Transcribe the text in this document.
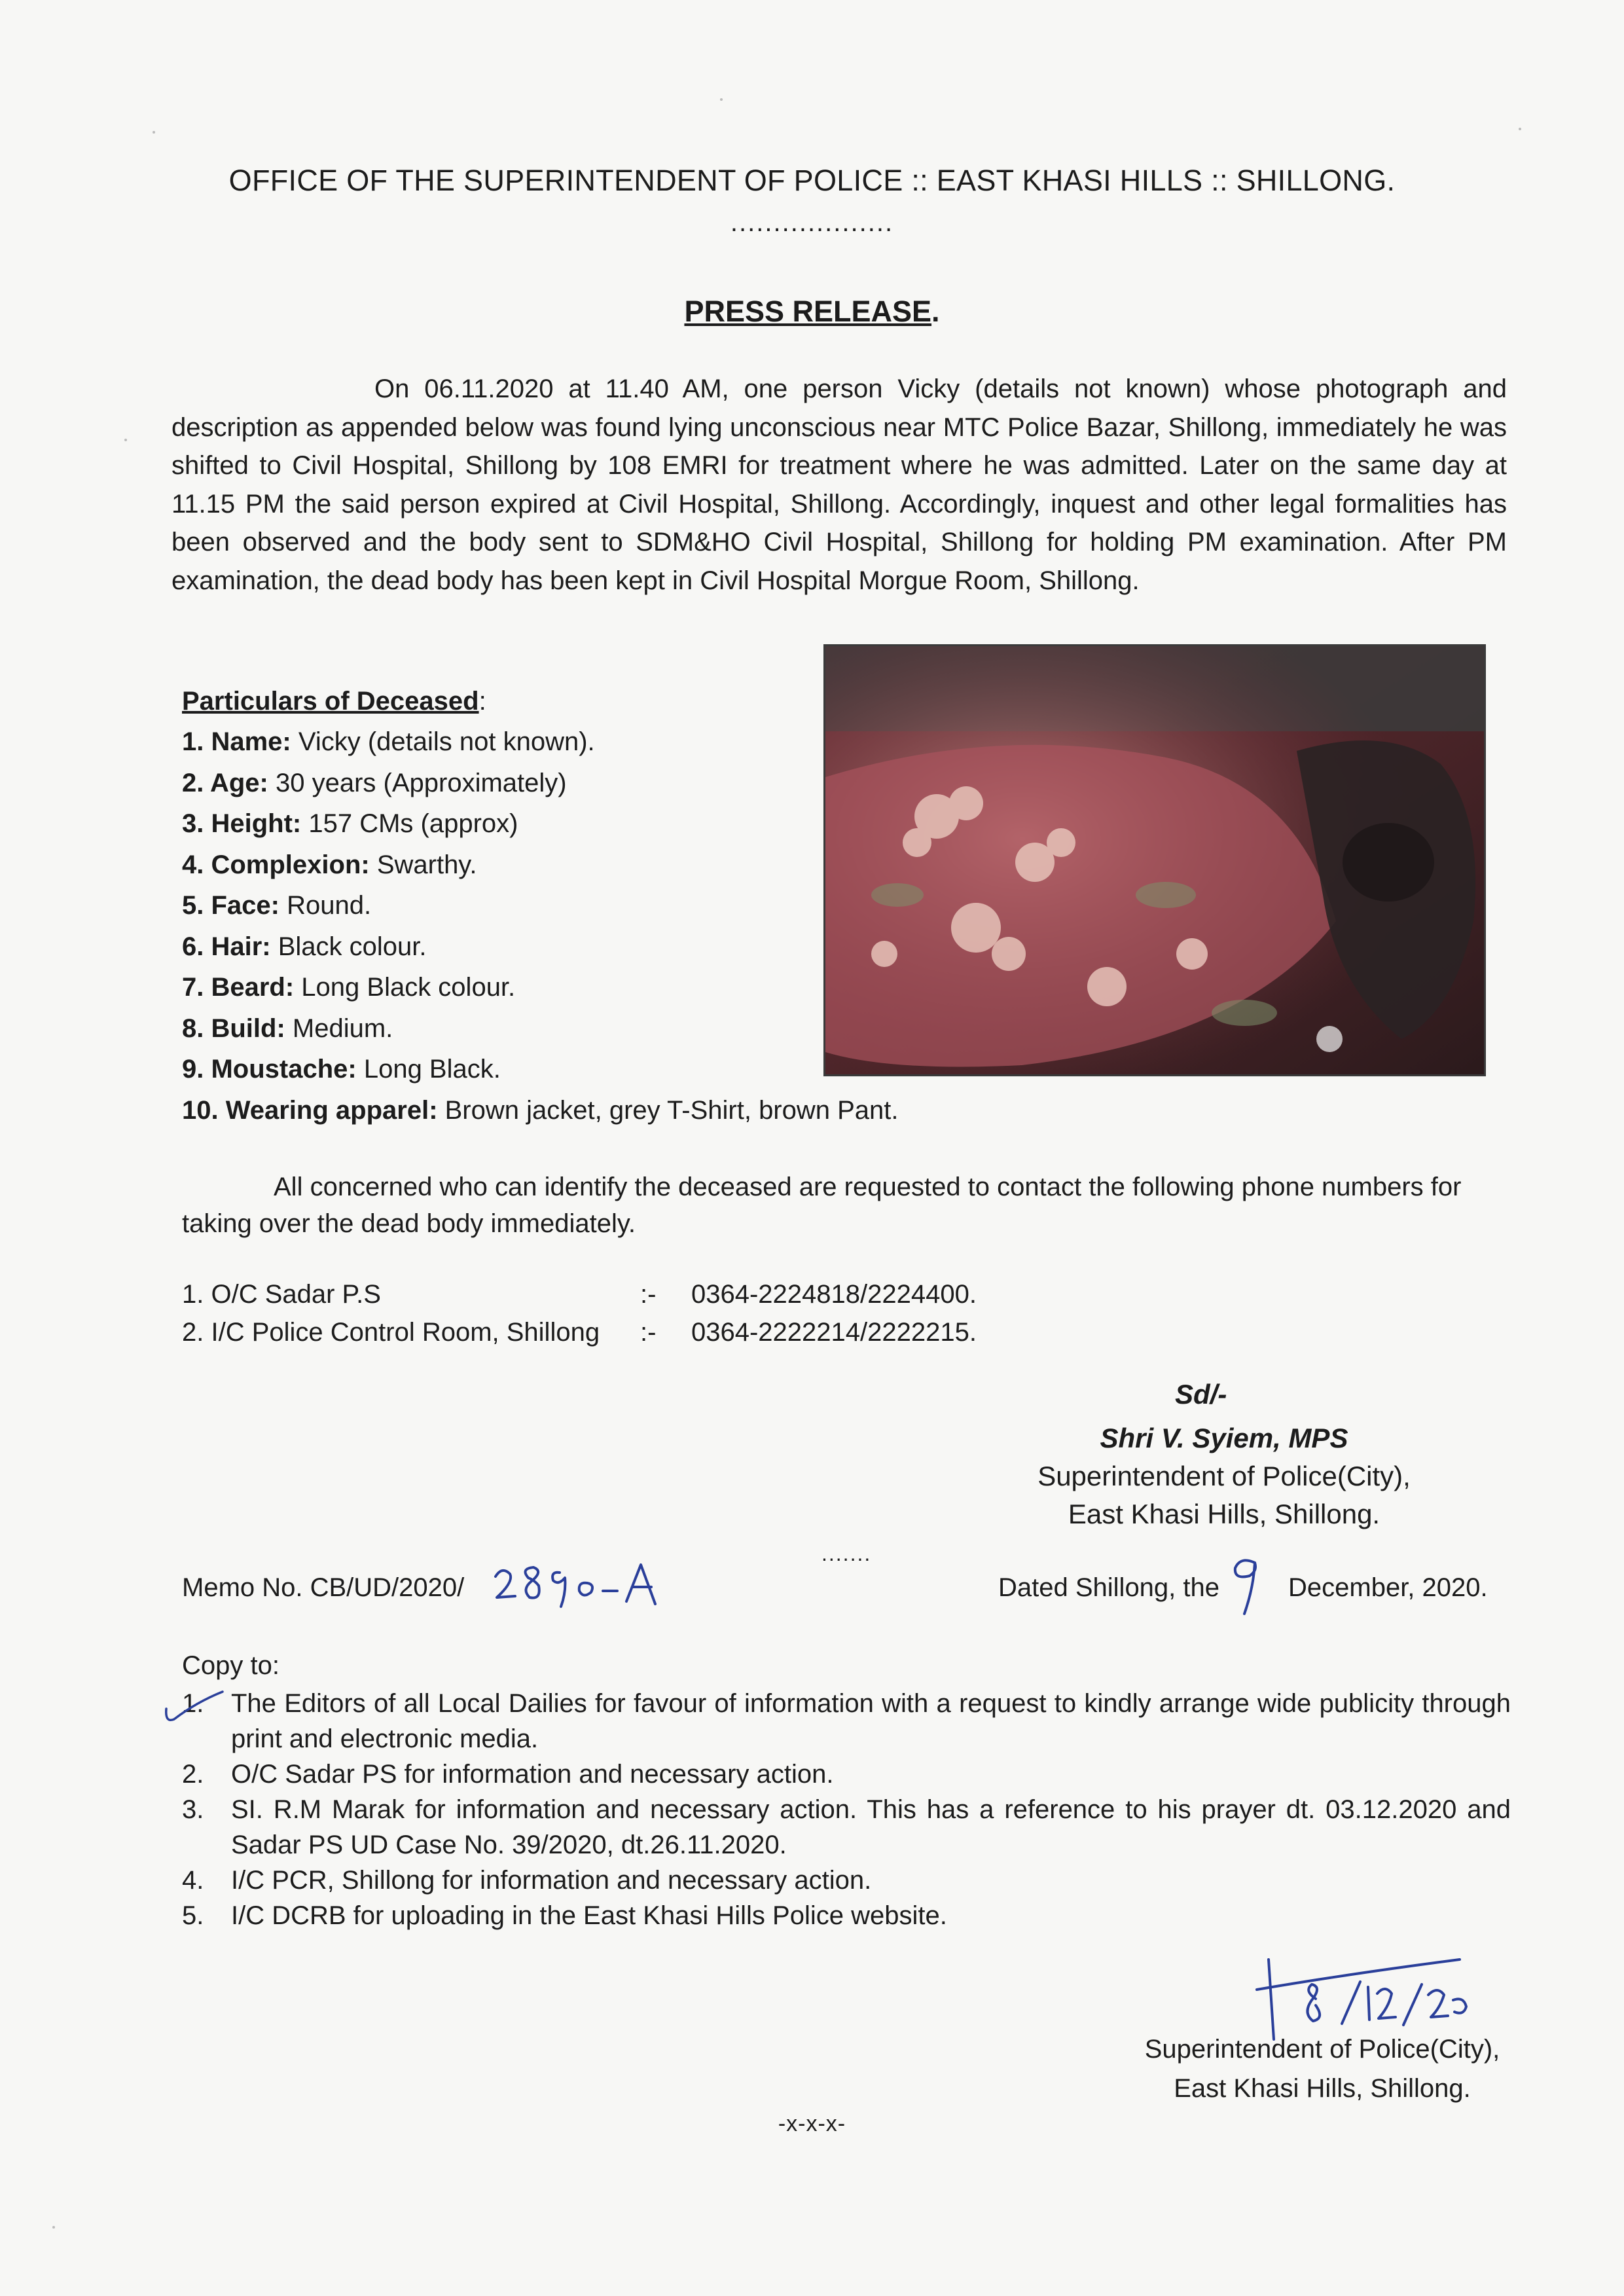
OFFICE OF THE SUPERINTENDENT OF POLICE :: EAST KHASI HILLS :: SHILLONG.
...................
PRESS RELEASE.
On 06.11.2020 at 11.40 AM, one person Vicky (details not known) whose photograph and description as appended below was found lying unconscious near MTC Police Bazar, Shillong, immediately he was shifted to Civil Hospital, Shillong by 108 EMRI for treatment where he was admitted. Later on the same day at 11.15 PM the said person expired at Civil Hospital, Shillong. Accordingly, inquest and other legal formalities has been observed and the body sent to SDM&HO Civil Hospital, Shillong for holding PM examination. After PM examination, the dead body has been kept in Civil Hospital Morgue Room, Shillong.
Particulars of Deceased:
1. Name: Vicky (details not known).
2. Age: 30 years (Approximately)
3. Height: 157 CMs (approx)
4. Complexion: Swarthy.
5. Face: Round.
6. Hair: Black colour.
7. Beard: Long Black colour.
8. Build: Medium.
9. Moustache: Long Black.
10. Wearing apparel: Brown jacket, grey T-Shirt, brown Pant.
All concerned who can identify the deceased are requested to contact the following phone numbers for taking over the dead body immediately.
1. O/C Sadar P.S	:- 0364-2224818/2224400.
2. I/C Police Control Room, Shillong :- 0364-2222214/2222215.
Sd/-
Shri V. Syiem, MPS
Superintendent of Police(City),
East Khasi Hills, Shillong.
.......
Memo No. CB/UD/2020/	Dated Shillong, the	December, 2020.
Copy to:
1. The Editors of all Local Dailies for favour of information with a request to kindly arrange wide publicity through print and electronic media.
2. O/C Sadar PS for information and necessary action.
3. SI. R.M Marak for information and necessary action. This has a reference to his prayer dt. 03.12.2020 and Sadar PS UD Case No. 39/2020, dt.26.11.2020.
4. I/C PCR, Shillong for information and necessary action.
5. I/C DCRB for uploading in the East Khasi Hills Police website.
Superintendent of Police(City),
East Khasi Hills, Shillong.
-x-x-x-
